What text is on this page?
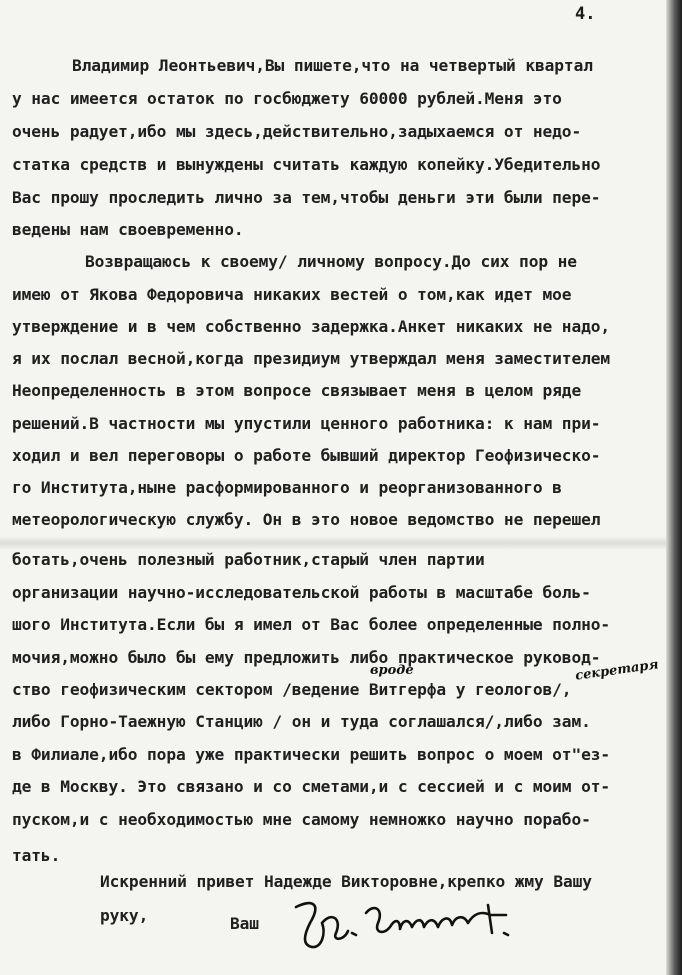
4.
Владимир Леонтьевич,Вы пишете,что на четвертый квартал
у нас имеется остаток по госбюджету 60000 рублей.Меня это
очень радует,ибо мы здесь,действительно,задыхаемся от недо-
статка средств и вынуждены считать каждую копейку.Убедительно
Вас прошу проследить лично за тем,чтобы деньги эти были пере-
ведены нам своевременно.
Возвращаюсь к своему/ личному вопросу.До сих пор не
имею от Якова Федоровича никаких вестей о том,как идет мое
утверждение и в чем собственно задержка.Анкет никаких не надо,
я их послал весной,когда президиум утверждал меня заместителем
Неопределенность в этом вопросе связывает меня в целом ряде
решений.В частности мы упустили ценного работника: к нам при-
ходил и вел переговоры о работе бывший директор Геофизическо-
го Института,ныне расформированного и реорганизованного в
метеорологическую службу. Он в это новое ведомство не перешел
ботать,очень полезный работник,старый член партии
организации научно-исследовательской работы в масштабе боль-
шого Института.Если бы я имел от Вас более определенные полно-
мочия,можно было бы ему предложить либо практическое руковод-
ство геофизическим сектором /ведение Витгерфа у геологов/,
либо Горно-Таежную Станцию / он и туда соглашался/,либо зам.
в Филиале,ибо пора уже практически решить вопрос о моем от"ез-
де в Москву. Это связано и со сметами,и с сессией и с моим от-
пуском,и с необходимостью мне самому немножко научно порабо-
тать.
Искренний привет Надежде Викторовне,крепко жму Вашу
руку,	Ваш
вроде	секретаря
